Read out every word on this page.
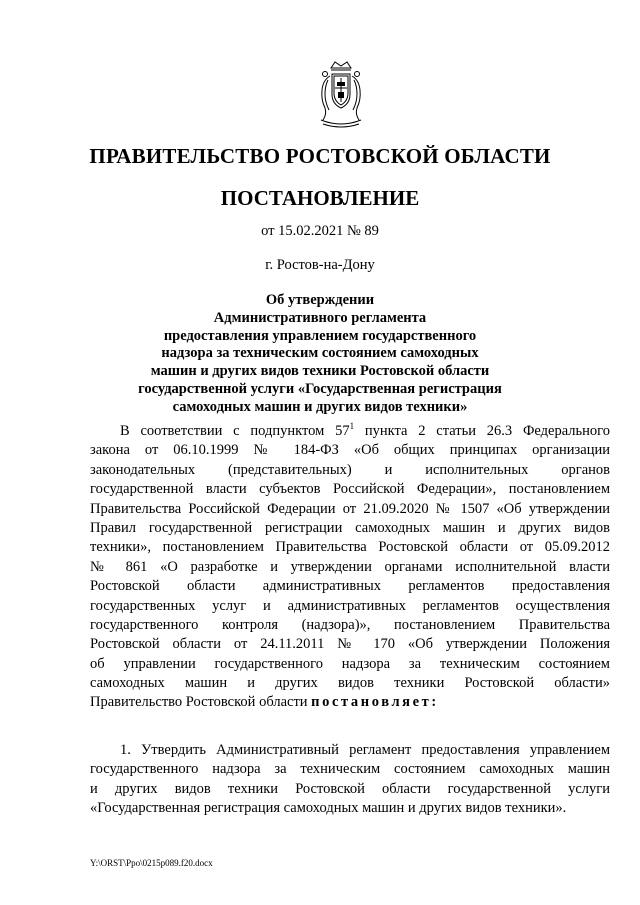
ПРАВИТЕЛЬСТВО РОСТОВСКОЙ ОБЛАСТИ
ПОСТАНОВЛЕНИЕ
от 15.02.2021 № 89
г. Ростов-на-Дону
Об утверждении
Административного регламента
предоставления управлением государственного
надзора за техническим состоянием самоходных
машин и других видов техники Ростовской области
государственной услуги «Государственная регистрация
самоходных машин и других видов техники»
В соответствии с подпунктом $57^1$ пункта 2 статьи 26.3 Федерального
закона от 06.10.1999 № 184-ФЗ «Об общих принципах организации
законодательных (представительных) и исполнительных органов
государственной власти субъектов Российской Федерации», постановлением
Правительства Российской Федерации от 21.09.2020 № 1507 «Об утверждении
Правил государственной регистрации самоходных машин и других видов
техники», постановлением Правительства Ростовской области от 05.09.2012
№ 861 «О разработке и утверждении органами исполнительной власти
Ростовской области административных регламентов предоставления
государственных услуг и административных регламентов осуществления
государственного контроля (надзора)», постановлением Правительства
Ростовской области от 24.11.2011 № 170 «Об утверждении Положения
об управлении государственного надзора за техническим состоянием
самоходных машин и других видов техники Ростовской области»
Правительство Ростовской области постановляет:
1. Утвердить Административный регламент предоставления управлением
государственного надзора за техническим состоянием самоходных машин
и других видов техники Ростовской области государственной услуги
«Государственная регистрация самоходных машин и других видов техники».
Y:\ORST\Ppo\0215p089.f20.docx
